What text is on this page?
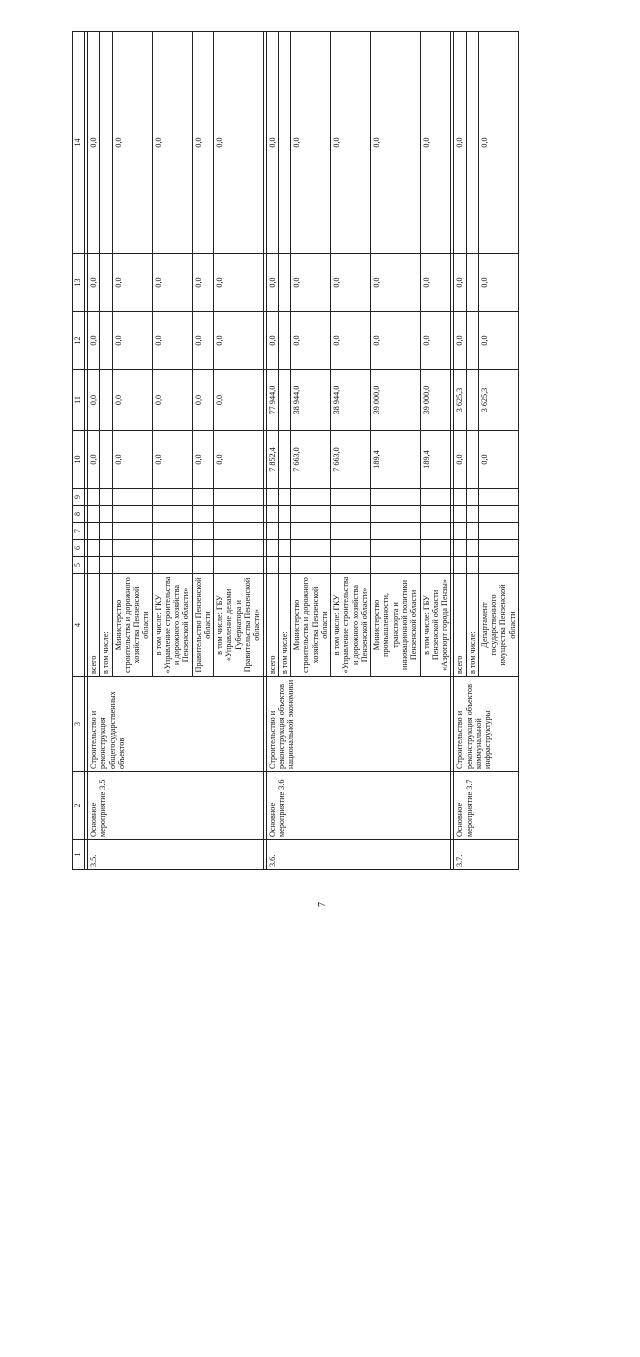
7
1	2	3	4	5	6	7	8	9	10	11	12	13	14

3.5.	Основное мероприятие 3.5	Строительство и реконструкция общегосударственных объектов	всего						0,0	0,0	0,0	0,0	0,0
			в том числе:										
			Министерство строительства и дорожного хозяйства Пензенской области						0,0	0,0	0,0	0,0	0,0
			в том числе: ГКУ «Управление строительства и дорожного хозяйства Пензенской области»						0,0	0,0	0,0	0,0	0,0
			Правительство Пензенской области						0,0	0,0	0,0	0,0	0,0
			в том числе: ГБУ «Управление делами Губернатора и Правительства Пензенской области»						0,0	0,0	0,0	0,0	0,0

3.6.	Основное мероприятие 3.6	Строительство и реконструкция объектов национальной экономики	всего						7 852,4	77 944,0	0,0	0,0	0,0
			в том числе:										
			Министерство строительства и дорожного хозяйства Пензенской области						7 663,0	38 944,0	0,0	0,0	0,0
			в том числе: ГКУ «Управление строительства и дорожного хозяйства Пензенской области»						7 663,0	38 944,0	0,0	0,0	0,0
			Министерство промышленности, транспорта и инновационной политики Пензенской области						189,4	39 000,0	0,0	0,0	0,0
			в том числе: ГБУ Пензенской области «Аэропорт города Пензы»						189,4	39 000,0	0,0	0,0	0,0

3.7.	Основное мероприятие 3.7	Строительство и реконструкция объектов коммунальной инфраструктуры	всего						0,0	3 625,3	0,0	0,0	0,0
			в том числе:										
			Департамент государственного имущества Пензенской области						0,0	3 625,3	0,0	0,0	0,0
